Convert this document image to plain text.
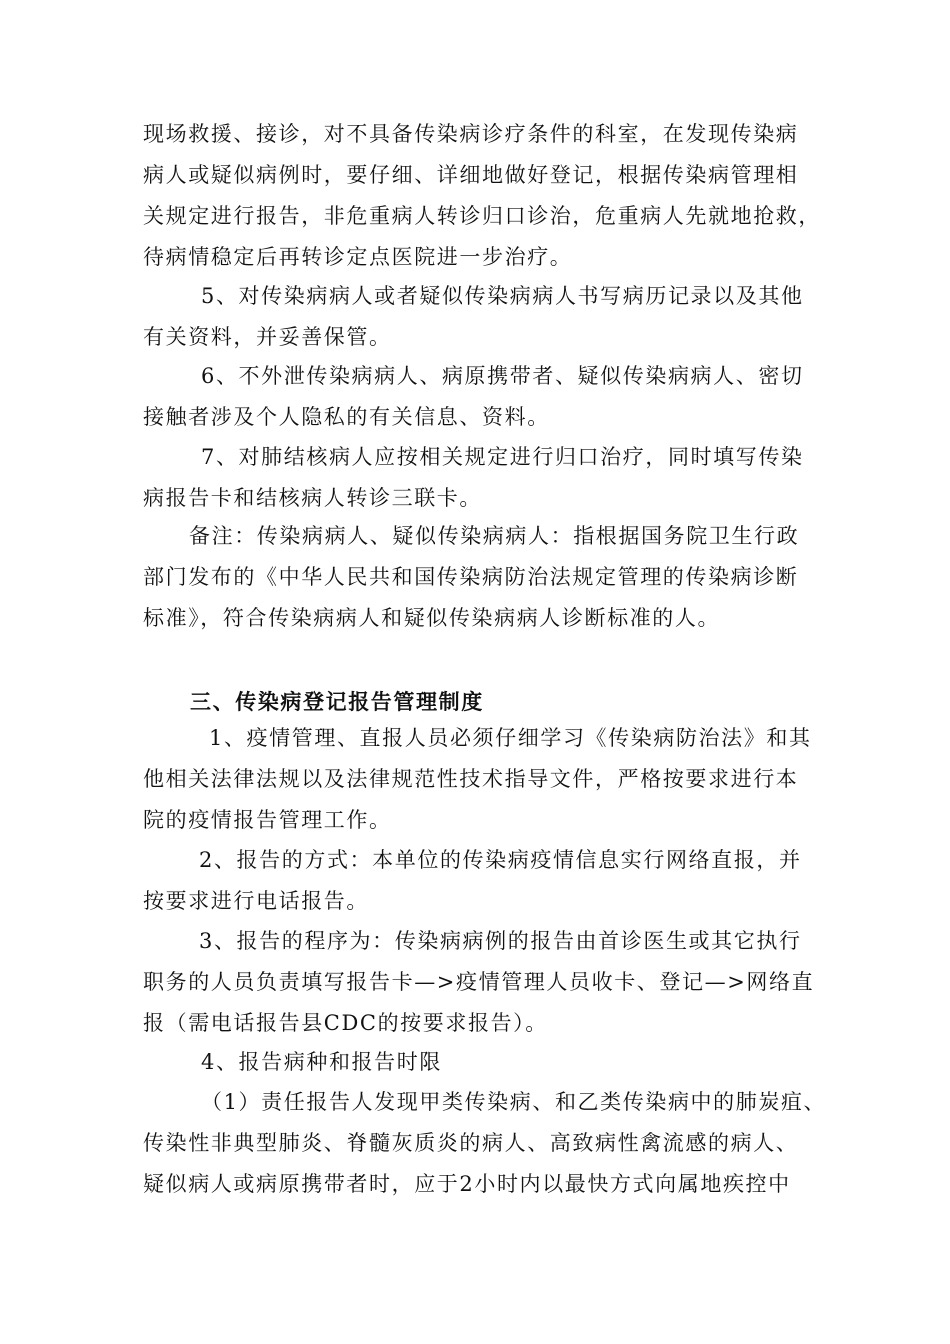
现场救援、接诊，对不具备传染病诊疗条件的科室，在发现传染病
病人或疑似病例时，要仔细、详细地做好登记，根据传染病管理相
关规定进行报告，非危重病人转诊归口诊治，危重病人先就地抢救，
待病情稳定后再转诊定点医院进一步治疗。
5、对传染病病人或者疑似传染病病人书写病历记录以及其他
有关资料，并妥善保管。
6、不外泄传染病病人、病原携带者、疑似传染病病人、密切
接触者涉及个人隐私的有关信息、资料。
7、对肺结核病人应按相关规定进行归口治疗，同时填写传染
病报告卡和结核病人转诊三联卡。
备注：传染病病人、疑似传染病病人：指根据国务院卫生行政
部门发布的《中华人民共和国传染病防治法规定管理的传染病诊断
标准》，符合传染病病人和疑似传染病病人诊断标准的人。
三、传染病登记报告管理制度
1、疫情管理、直报人员必须仔细学习《传染病防治法》和其
他相关法律法规以及法律规范性技术指导文件，严格按要求进行本
院的疫情报告管理工作。
2、报告的方式：本单位的传染病疫情信息实行网络直报，并
按要求进行电话报告。
3、报告的程序为：传染病病例的报告由首诊医生或其它执行
职务的人员负责填写报告卡—>疫情管理人员收卡、登记—>网络直
报（需电话报告县CDC的按要求报告）。
4、报告病种和报告时限
（1）责任报告人发现甲类传染病、和乙类传染病中的肺炭疽、
传染性非典型肺炎、脊髓灰质炎的病人、高致病性禽流感的病人、
疑似病人或病原携带者时，应于2小时内以最快方式向属地疾控中
